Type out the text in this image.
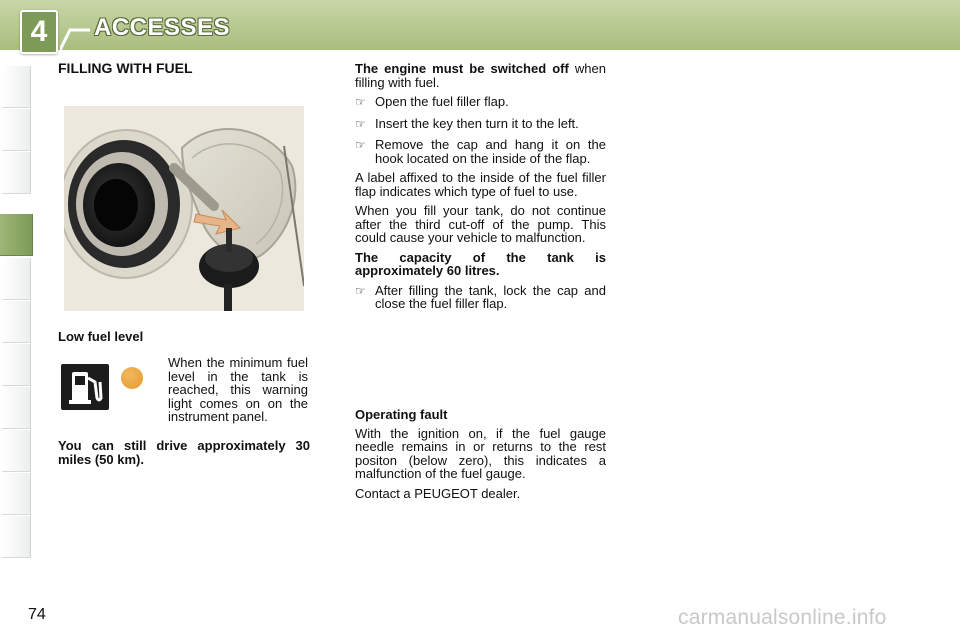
4	ACCESSES
FILLING WITH FUEL
Low fuel level

When the minimum fuel level in the tank is reached, this warning light comes on on the instrument panel.

You can still drive approximately 30 miles (50 km).

The engine must be switched off when filling with fuel.

☞ Open the fuel filler flap.
☞ Insert the key then turn it to the left.
☞ Remove the cap and hang it on the hook located on the inside of the flap.

A label affixed to the inside of the fuel filler flap indicates which type of fuel to use.

When you fill your tank, do not continue after the third cut-off of the pump. This could cause your vehicle to malfunction.

The capacity of the tank is approximately 60 litres.

☞ After filling the tank, lock the cap and close the fuel filler flap.

Operating fault

With the ignition on, if the fuel gauge needle remains in or returns to the rest positon (below zero), this indicates a malfunction of the fuel gauge.

Contact a PEUGEOT dealer.

74	carmanualsonline.info
